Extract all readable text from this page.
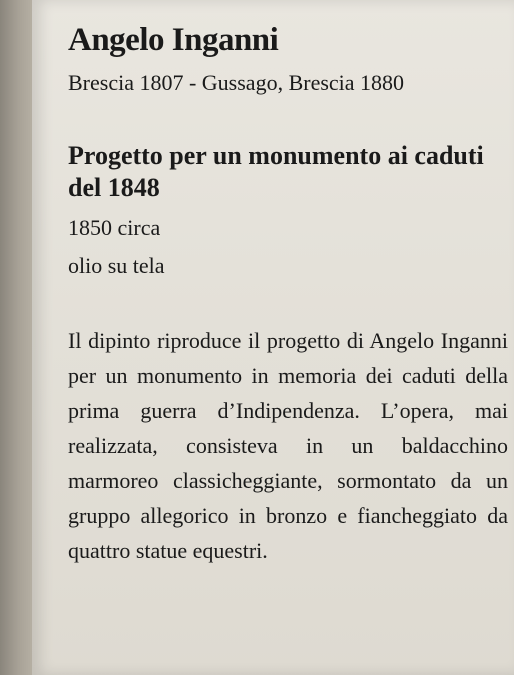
Angelo Inganni
Brescia 1807 - Gussago, Brescia 1880
Progetto per un monumento ai caduti del 1848
1850 circa
olio su tela
Il dipinto riproduce il progetto di Angelo Inganni per un monumento in memoria dei caduti della prima guerra d’Indipendenza. L’opera, mai realizzata, consisteva in un baldacchino marmoreo classicheggiante, sormontato da un gruppo allegorico in bronzo e fiancheggiato da quattro statue equestri.
